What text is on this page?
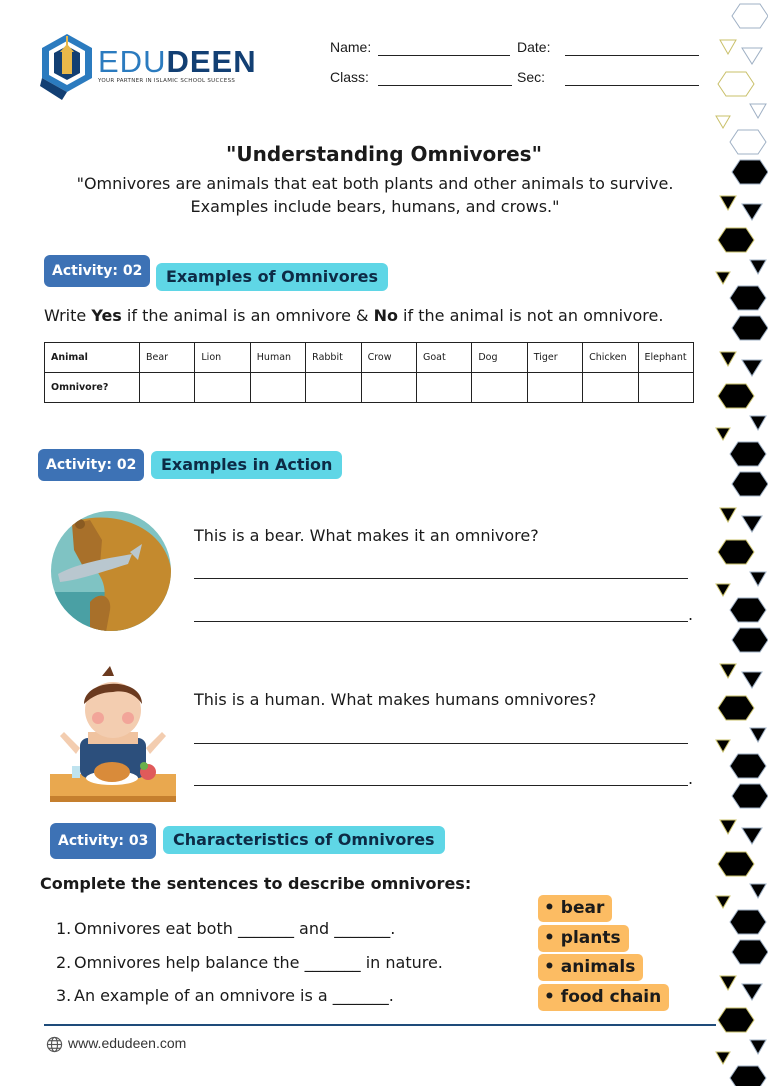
EDUDEEN
YOUR PARTNER IN ISLAMIC SCHOOL SUCCESS
Name:	Date:
Class:	Sec:
"Understanding Omnivores"
"Omnivores are animals that eat both plants and other animals to survive.
Examples include bears, humans, and crows."
Activity: 02	Examples of Omnivores
Write Yes if the animal is an omnivore & No if the animal is not an omnivore.
Animal	Bear	Lion	Human	Rabbit	Crow	Goat	Dog	Tiger	Chicken	Elephant
Omnivore?										
Activity: 02	Examples in Action
This is a bear. What makes it an omnivore?
.
This is a human. What makes humans omnivores?
.
Activity: 03	Characteristics of Omnivores
Complete the sentences to describe omnivores:
1. Omnivores eat both _______ and _______.
2. Omnivores help balance the _______ in nature.
3. An example of an omnivore is a _______.
• bear
• plants
• animals
• food chain
www.edudeen.com
